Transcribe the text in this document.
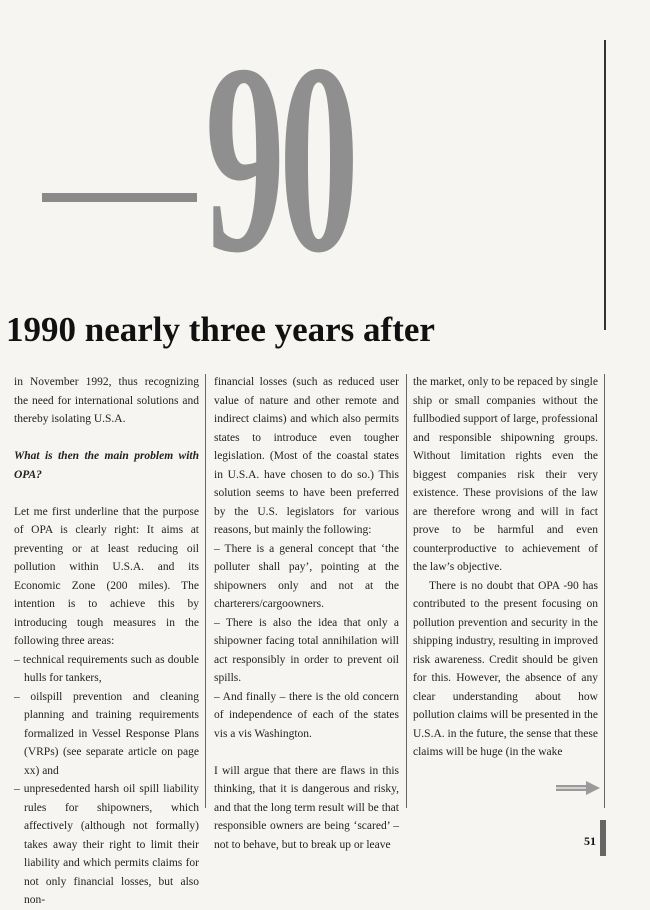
90
1990 nearly three years after

in November 1992, thus recognizing the need for international solutions and thereby isolating U.S.A.

What is then the main problem with OPA?

Let me first underline that the purpose of OPA is clearly right: It aims at preventing or at least reducing oil pollution within U.S.A. and its Economic Zone (200 miles). The intention is to achieve this by introducing tough measures in the following three areas:

– technical requirements such as double hulls for tankers,

– oilspill prevention and cleaning planning and training requirements formalized in Vessel Response Plans (VRPs) (see separate article on page xx) and

– unpresedented harsh oil spill liability rules for shipowners, which affectively (although not formally) takes away their right to limit their liability and which permits claims for not only financial losses, but also non-

financial losses (such as reduced user value of nature and other remote and indirect claims) and which also permits states to introduce even tougher legislation. (Most of the coastal states in U.S.A. have chosen to do so.) This solution seems to have been preferred by the U.S. legislators for various reasons, but mainly the following:

– There is a general concept that ‘the polluter shall pay’, pointing at the shipowners only and not at the charterers/cargoowners.

– There is also the idea that only a shipowner facing total annihilation will act responsibly in order to prevent oil spills.

– And finally – there is the old concern of independence of each of the states vis a vis Washington.

I will argue that there are flaws in this thinking, that it is dangerous and risky, and that the long term result will be that responsible owners are being ‘scared’ – not to behave, but to break up or leave

the market, only to be repaced by single ship or small companies without the fullbodied support of large, professional and responsible shipowning groups. Without limitation rights even the biggest companies risk their very existence. These provisions of the law are therefore wrong and will in fact prove to be harmful and even counterproductive to achievement of the law’s objective.

There is no doubt that OPA -90 has contributed to the present focusing on pollution prevention and security in the shipping industry, resulting in improved risk awareness. Credit should be given for this. However, the absence of any clear understanding about how pollution claims will be presented in the U.S.A. in the future, the sense that these claims will be huge (in the wake

51
